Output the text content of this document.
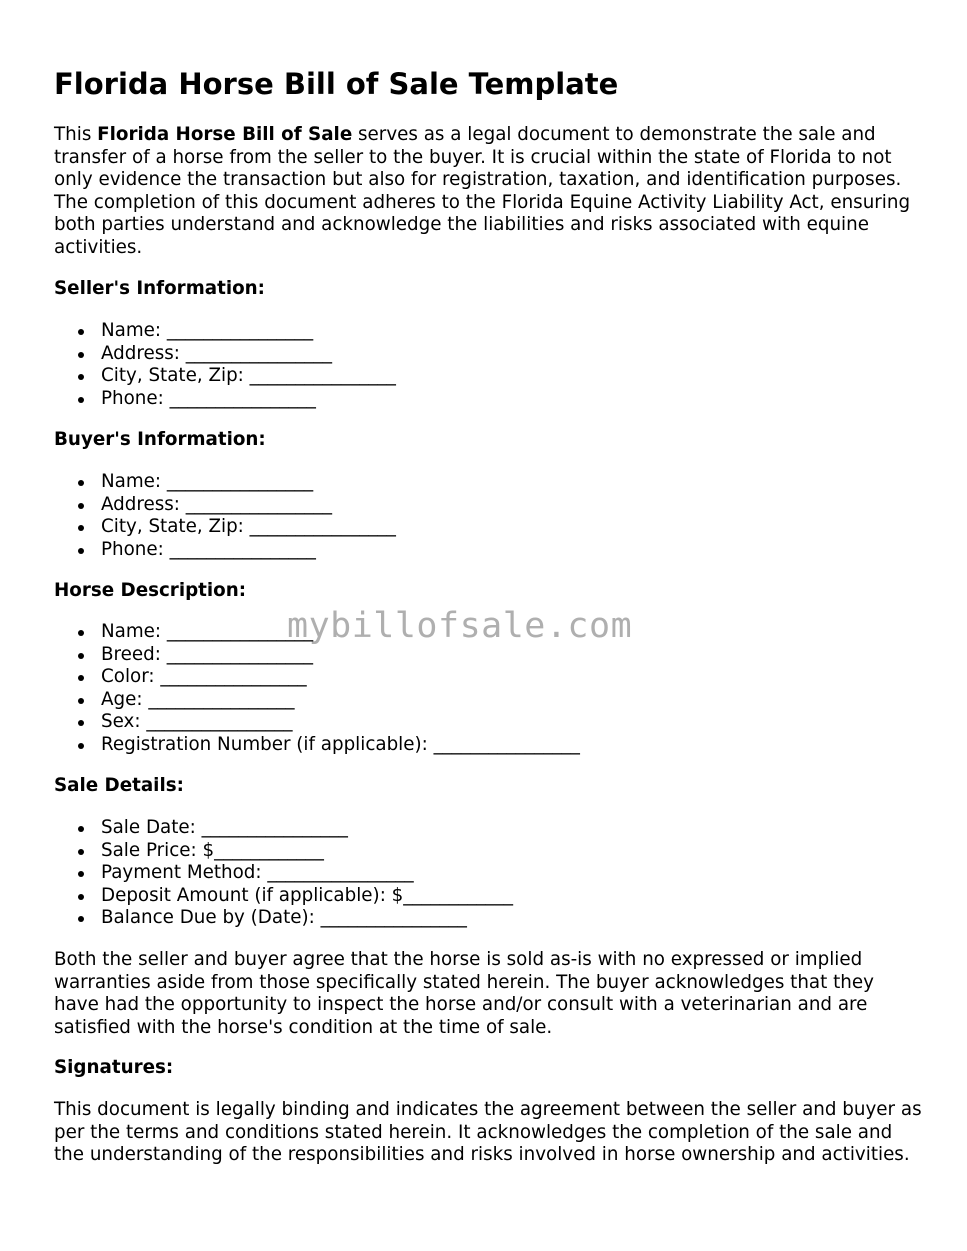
Florida Horse Bill of Sale Template

This Florida Horse Bill of Sale serves as a legal document to demonstrate the sale and transfer of a horse from the seller to the buyer. It is crucial within the state of Florida to not only evidence the transaction but also for registration, taxation, and identification purposes. The completion of this document adheres to the Florida Equine Activity Liability Act, ensuring both parties understand and acknowledge the liabilities and risks associated with equine activities.

Seller's Information:

Name: ________________
Address: ________________
City, State, Zip: ________________
Phone: ________________

Buyer's Information:

Name: ________________
Address: ________________
City, State, Zip: ________________
Phone: ________________

Horse Description:

Name: ________________
Breed: ________________
Color: ________________
Age: ________________
Sex: ________________
Registration Number (if applicable): ________________

Sale Details:

Sale Date: ________________
Sale Price: $____________
Payment Method: ________________
Deposit Amount (if applicable): $____________
Balance Due by (Date): ________________

Both the seller and buyer agree that the horse is sold as-is with no expressed or implied warranties aside from those specifically stated herein. The buyer acknowledges that they have had the opportunity to inspect the horse and/or consult with a veterinarian and are satisfied with the horse's condition at the time of sale.

Signatures:

This document is legally binding and indicates the agreement between the seller and buyer as per the terms and conditions stated herein. It acknowledges the completion of the sale and the understanding of the responsibilities and risks involved in horse ownership and activities.

mybillofsale.com
